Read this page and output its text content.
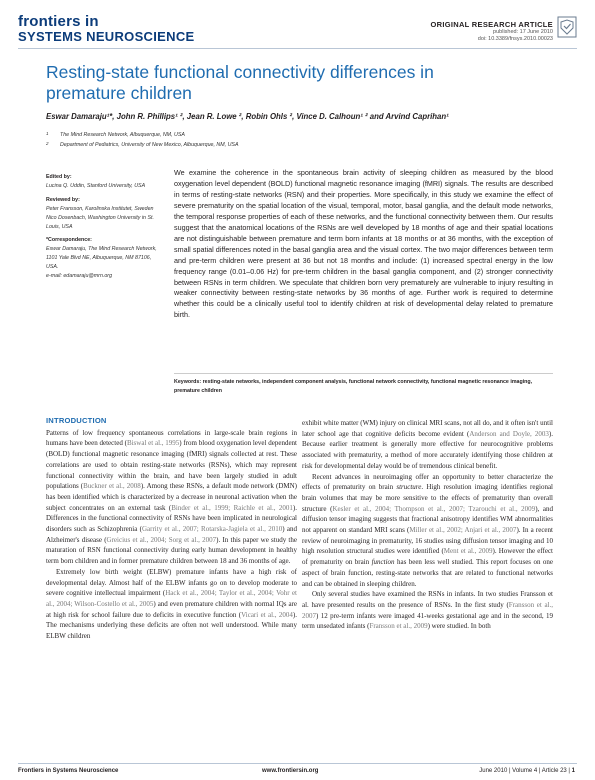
frontiers in
SYSTEMS NEUROSCIENCE
ORIGINAL RESEARCH ARTICLE
published: 17 June 2010
doi: 10.3389/fnsys.2010.00023
Resting-state functional connectivity differences in premature children
Eswar Damaraju¹*, John R. Phillips¹ ², Jean R. Lowe ², Robin Ohls ², Vince D. Calhoun¹ ² and Arvind Caprihan¹
1 The Mind Research Network, Albuquerque, NM, USA
2 Department of Pediatrics, University of New Mexico, Albuquerque, NM, USA
Edited by:
Lucina Q. Uddin, Stanford University, USA
Reviewed by:
Peter Fransson, Karolinska Institutet, Sweden
Nico Dosenbach, Washington University in St. Louis, USA
*Correspondence:
Eswar Damaraju, The Mind Research Network, 1101 Yale Blvd NE, Albuquerque, NM 87106, USA.
e-mail: edamaraju@mrn.org
We examine the coherence in the spontaneous brain activity of sleeping children as measured by the blood oxygenation level dependent (BOLD) functional magnetic resonance imaging (fMRI) signals. The results are described in terms of resting-state networks (RSN) and their properties. More specifically, in this study we examine the effect of severe prematurity on the spatial location of the visual, temporal, motor, basal ganglia, and the default mode networks, the temporal response properties of each of these networks, and the functional connectivity between them. Our results suggest that the anatomical locations of the RSNs are well developed by 18 months of age and their spatial locations are not distinguishable between premature and term born infants at 18 months or at 36 months, with the exception of small spatial differences noted in the basal ganglia area and the visual cortex. The two major differences between term and pre-term children were present at 36 but not 18 months and include: (1) increased spectral energy in the low frequency range (0.01–0.06 Hz) for pre-term children in the basal ganglia component, and (2) stronger connectivity between RSNs in term children. We speculate that children born very prematurely are vulnerable to injury resulting in weaker connectivity between resting-state networks by 36 months of age. Further work is required to determine whether this could be a clinically useful tool to identify children at risk of developmental delay related to premature birth.
Keywords: resting-state networks, independent component analysis, functional network connectivity, functional magnetic resonance imaging, premature children
INTRODUCTION

Patterns of low frequency spontaneous correlations in large-scale brain regions in humans have been detected (Biswal et al., 1995) from blood oxygenation level dependent (BOLD) functional magnetic resonance imaging (fMRI) signals collected at rest. These correlations are used to obtain resting-state networks (RSNs), which may represent functional connectivity within the brain, and have been largely studied in adult populations (Buckner et al., 2008). Among these RSNs, a default mode network (DMN) has been identified which is characterized by a decrease in neuronal activation when the subject concentrates on an external task (Binder et al., 1999; Raichle et al., 2001). Differences in the functional connectivity of RSNs have been implicated in neurological disorders such as Schizophrenia (Garrity et al., 2007; Rotarska-Jagiela et al., 2010) and Alzheimer's disease (Greicius et al., 2004; Sorg et al., 2007). In this paper we study the maturation of RSN functional connectivity during early human development in healthy term born children and in former premature children between 18 and 36 months of age.

Extremely low birth weight (ELBW) premature infants have a high risk of developmental delay. Almost half of the ELBW infants go on to develop moderate to severe cognitive intellectual impairment (Hack et al., 2004; Taylor et al., 2004; Vohr et al., 2004; Wilson-Costello et al., 2005) and even premature children with normal IQs are at high risk for school failure due to deficits in executive function (Vicari et al., 2004). The mechanisms underlying these deficits are often not well understood. While many ELBW children

exhibit white matter (WM) injury on clinical MRI scans, not all do, and it often isn't until later school age that cognitive deficits become evident (Anderson and Doyle, 2003). Because earlier treatment is generally more effective for neurocognitive problems associated with prematurity, a method of more accurately identifying those children at risk for developmental delay would be of tremendous clinical benefit.

Recent advances in neuroimaging offer an opportunity to better characterize the effects of prematurity on brain structure. High resolution imaging identifies regional brain volumes that may be more sensitive to the effects of prematurity than overall structure (Kesler et al., 2004; Thompson et al., 2007; Tzarouchi et al., 2009), and diffusion tensor imaging suggests that fractional anisotropy identifies WM abnormalities not apparent on standard MRI scans (Miller et al., 2002; Anjari et al., 2007). In a recent review of neuroimaging in prematurity, 16 studies using diffusion tensor imaging and 10 high resolution structural studies were identified (Ment et al., 2009). However the effect of prematurity on brain function has been less well studied. This report focuses on one aspect of brain function, resting-state networks that are related to functional networks and can be obtained in sleeping children.

Only several studies have examined the RSNs in infants. In two studies Fransson et al. have presented results on the presence of RSNs. In the first study (Fransson et al., 2007) 12 pre-term infants were imaged 41-weeks gestational age and in the second, 19 term unsedated infants (Fransson et al., 2009) were studied. In both

Frontiers in Systems Neuroscience	www.frontiersin.org	June 2010 | Volume 4 | Article 23 | 1
